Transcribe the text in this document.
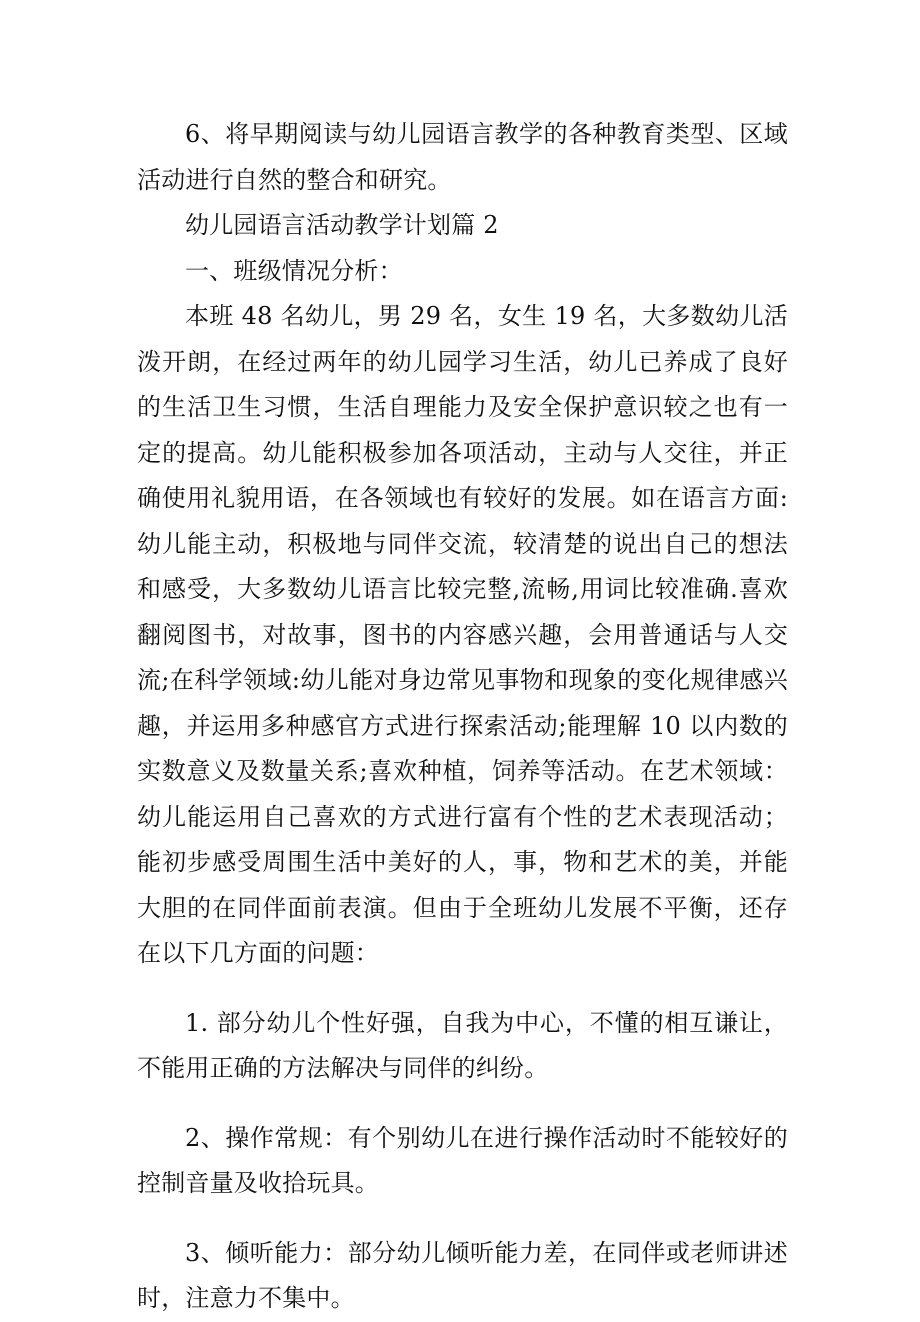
6、将早期阅读与幼儿园语言教学的各种教育类型、区域活动进行自然的整合和研究。

幼儿园语言活动教学计划篇 2

一、班级情况分析：

本班 48 名幼儿，男 29 名，女生 19 名，大多数幼儿活泼开朗，在经过两年的幼儿园学习生活，幼儿已养成了良好的生活卫生习惯，生活自理能力及安全保护意识较之也有一定的提高。幼儿能积极参加各项活动，主动与人交往，并正确使用礼貌用语，在各领域也有较好的发展。如在语言方面:幼儿能主动，积极地与同伴交流，较清楚的说出自己的想法和感受，大多数幼儿语言比较完整,流畅,用词比较准确.喜欢翻阅图书，对故事，图书的内容感兴趣，会用普通话与人交流;在科学领域:幼儿能对身边常见事物和现象的变化规律感兴趣，并运用多种感官方式进行探索活动;能理解 10 以内数的实数意义及数量关系;喜欢种植，饲养等活动。在艺术领域：幼儿能运用自己喜欢的方式进行富有个性的艺术表现活动；能初步感受周围生活中美好的人，事，物和艺术的美，并能大胆的在同伴面前表演。但由于全班幼儿发展不平衡，还存在以下几方面的问题：

1. 部分幼儿个性好强，自我为中心，不懂的相互谦让，不能用正确的方法解决与同伴的纠纷。

2、操作常规：有个别幼儿在进行操作活动时不能较好的控制音量及收拾玩具。

3、倾听能力：部分幼儿倾听能力差，在同伴或老师讲述时，注意力不集中。
